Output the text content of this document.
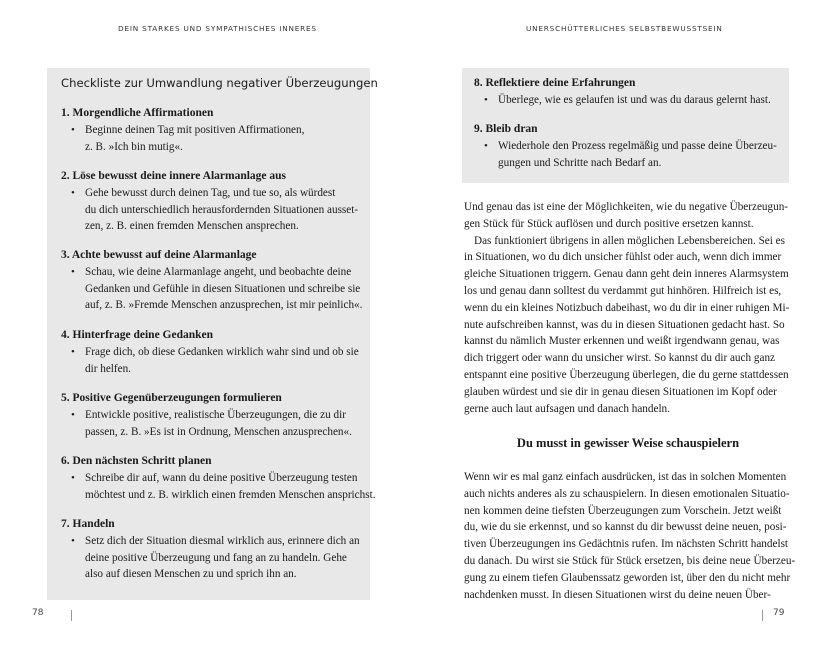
DEIN STARKES UND SYMPATHISCHES INNERES
Checkliste zur Umwandlung negativer Überzeugungen
1. Morgendliche Affirmationen
• Beginne deinen Tag mit positiven Affirmationen,
z. B. »Ich bin mutig«.
2. Löse bewusst deine innere Alarmanlage aus
• Gehe bewusst durch deinen Tag, und tue so, als würdest
du dich unterschiedlich herausfordernden Situationen ausset-
zen, z. B. einen fremden Menschen ansprechen.
3. Achte bewusst auf deine Alarmanlage
• Schau, wie deine Alarmanlage angeht, und beobachte deine
Gedanken und Gefühle in diesen Situationen und schreibe sie
auf, z. B. »Fremde Menschen anzusprechen, ist mir peinlich«.
4. Hinterfrage deine Gedanken
• Frage dich, ob diese Gedanken wirklich wahr sind und ob sie
dir helfen.
5. Positive Gegenüberzeugungen formulieren
• Entwickle positive, realistische Überzeugungen, die zu dir
passen, z. B. »Es ist in Ordnung, Menschen anzusprechen«.
6. Den nächsten Schritt planen
• Schreibe dir auf, wann du deine positive Überzeugung testen
möchtest und z. B. wirklich einen fremden Menschen ansprichst.
7. Handeln
• Setz dich der Situation diesmal wirklich aus, erinnere dich an
deine positive Überzeugung und fang an zu handeln. Gehe
also auf diesen Menschen zu und sprich ihn an.
78
UNERSCHÜTTERLICHES SELBSTBEWUSSTSEIN
8. Reflektiere deine Erfahrungen
• Überlege, wie es gelaufen ist und was du daraus gelernt hast.
9. Bleib dran
• Wiederhole den Prozess regelmäßig und passe deine Überzeu-
gungen und Schritte nach Bedarf an.
Und genau das ist eine der Möglichkeiten, wie du negative Überzeugun-
gen Stück für Stück auflösen und durch positive ersetzen kannst.
Das funktioniert übrigens in allen möglichen Lebensbereichen. Sei es
in Situationen, wo du dich unsicher fühlst oder auch, wenn dich immer
gleiche Situationen triggern. Genau dann geht dein inneres Alarmsystem
los und genau dann solltest du verdammt gut hinhören. Hilfreich ist es,
wenn du ein kleines Notizbuch dabeihast, wo du dir in einer ruhigen Mi-
nute aufschreiben kannst, was du in diesen Situationen gedacht hast. So
kannst du nämlich Muster erkennen und weißt irgendwann genau, was
dich triggert oder wann du unsicher wirst. So kannst du dir auch ganz
entspannt eine positive Überzeugung überlegen, die du gerne stattdessen
glauben würdest und sie dir in genau diesen Situationen im Kopf oder
gerne auch laut aufsagen und danach handeln.
Du musst in gewisser Weise schauspielern
Wenn wir es mal ganz einfach ausdrücken, ist das in solchen Momenten
auch nichts anderes als zu schauspielern. In diesen emotionalen Situatio-
nen kommen deine tiefsten Überzeugungen zum Vorschein. Jetzt weißt
du, wie du sie erkennst, und so kannst du dir bewusst deine neuen, posi-
tiven Überzeugungen ins Gedächtnis rufen. Im nächsten Schritt handelst
du danach. Du wirst sie Stück für Stück ersetzen, bis deine neue Überzeu-
gung zu einem tiefen Glaubenssatz geworden ist, über den du nicht mehr
nachdenken musst. In diesen Situationen wirst du deine neuen Über-
79
